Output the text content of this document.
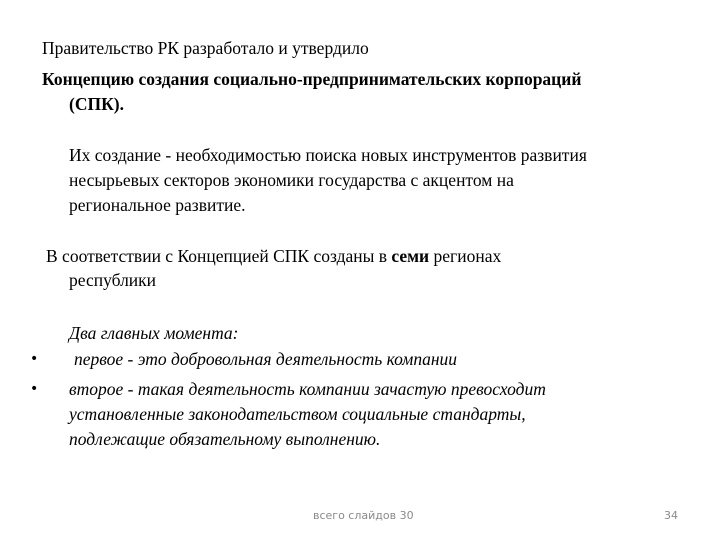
Правительство РК разработало и утвердило
Концепцию создания социально-предпринимательских корпораций
(СПК).
Их создание - необходимостью поиска новых инструментов развития
несырьевых секторов экономики государства с акцентом на
региональное развитие.
В соответствии с Концепцией СПК созданы в семи регионах
республики
Два главных момента:
• первое - это добровольная деятельность компании
• второе - такая деятельность компании зачастую превосходит
установленные законодательством социальные стандарты,
подлежащие обязательному выполнению.
всего слайдов 30	34
